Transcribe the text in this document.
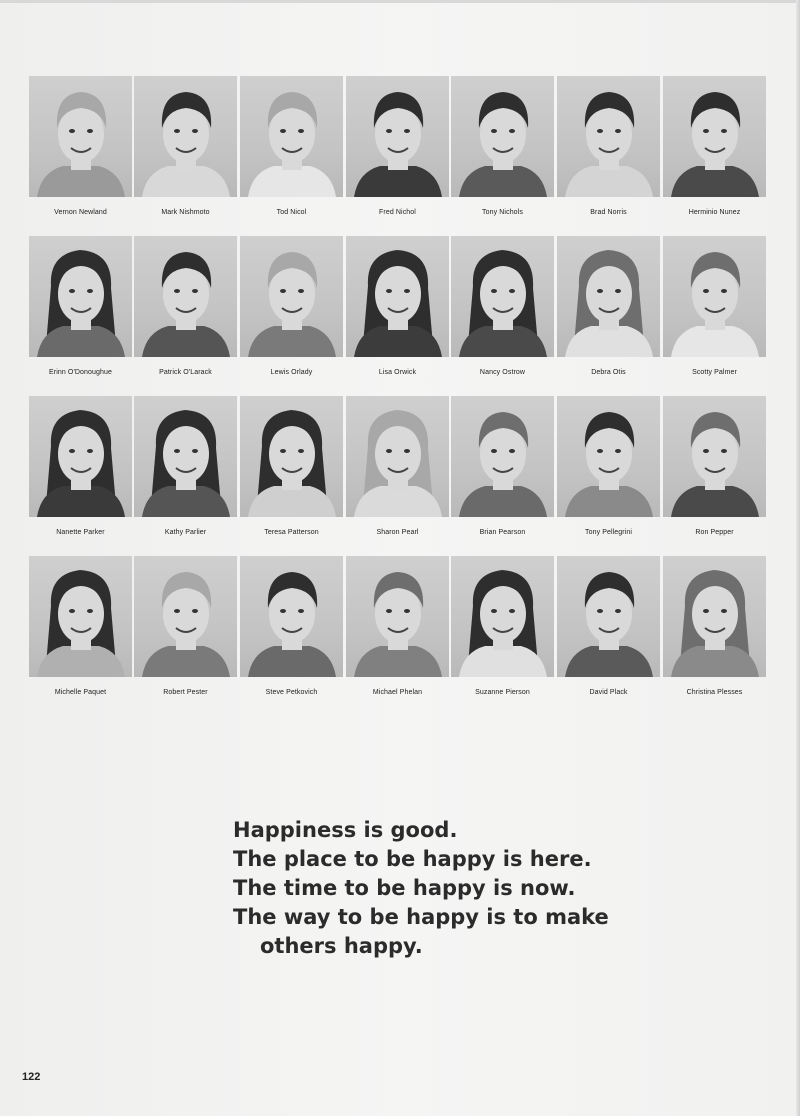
Vernon Newland	Mark Nishmoto	Tod Nicol	Fred Nichol	Tony Nichols	Brad Norris	Herminio Nunez
Erinn O'Donoughue	Patrick O'Larack	Lewis Orlady	Lisa Orwick	Nancy Ostrow	Debra Otis	Scotty Palmer
Nanette Parker	Kathy Parlier	Teresa Patterson	Sharon Pearl	Brian Pearson	Tony Pellegrini	Ron Pepper
Michelle Paquet	Robert Pester	Steve Petkovich	Michael Phelan	Suzanne Pierson	David Plack	Christina Plesses
Happiness is good.
The place to be happy is here.
The time to be happy is now.
The way to be happy is to make
others happy.
122
